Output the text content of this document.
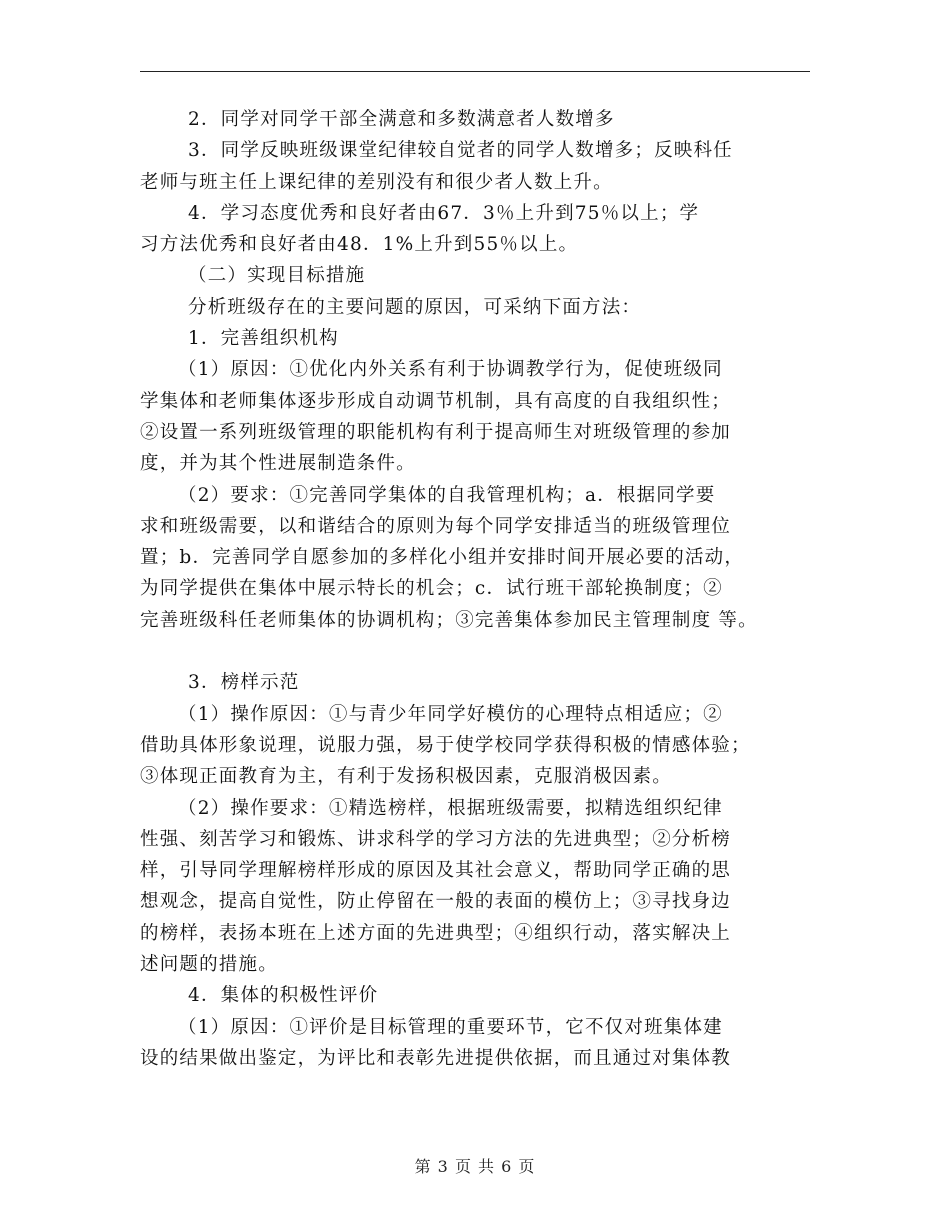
2．同学对同学干部全满意和多数满意者人数增多
3．同学反映班级课堂纪律较自觉者的同学人数增多；反映科任
老师与班主任上课纪律的差别没有和很少者人数上升。
4．学习态度优秀和良好者由67．3％上升到75％以上；学
习方法优秀和良好者由48．1%上升到55％以上。
（二）实现目标措施
分析班级存在的主要问题的原因，可采纳下面方法：
1．完善组织机构
（1）原因：①优化内外关系有利于协调教学行为，促使班级同
学集体和老师集体逐步形成自动调节机制，具有高度的自我组织性；
②设置一系列班级管理的职能机构有利于提高师生对班级管理的参加
度，并为其个性进展制造条件。
（2）要求：①完善同学集体的自我管理机构；a．根据同学要
求和班级需要，以和谐结合的原则为每个同学安排适当的班级管理位
置；b．完善同学自愿参加的多样化小组并安排时间开展必要的活动，
为同学提供在集体中展示特长的机会；c．试行班干部轮换制度；②
完善班级科任老师集体的协调机构；③完善集体参加民主管理制度 等。
3．榜样示范
（1）操作原因：①与青少年同学好模仿的心理特点相适应；②
借助具体形象说理，说服力强，易于使学校同学获得积极的情感体验；
③体现正面教育为主，有利于发扬积极因素，克服消极因素。
（2）操作要求：①精选榜样，根据班级需要，拟精选组织纪律
性强、刻苦学习和锻炼、讲求科学的学习方法的先进典型；②分析榜
样，引导同学理解榜样形成的原因及其社会意义，帮助同学正确的思
想观念，提高自觉性，防止停留在一般的表面的模仿上；③寻找身边
的榜样，表扬本班在上述方面的先进典型；④组织行动，落实解决上
述问题的措施。
4．集体的积极性评价
（1）原因：①评价是目标管理的重要环节，它不仅对班集体建
设的结果做出鉴定，为评比和表彰先进提供依据，而且通过对集体教
第 3 页 共 6 页
